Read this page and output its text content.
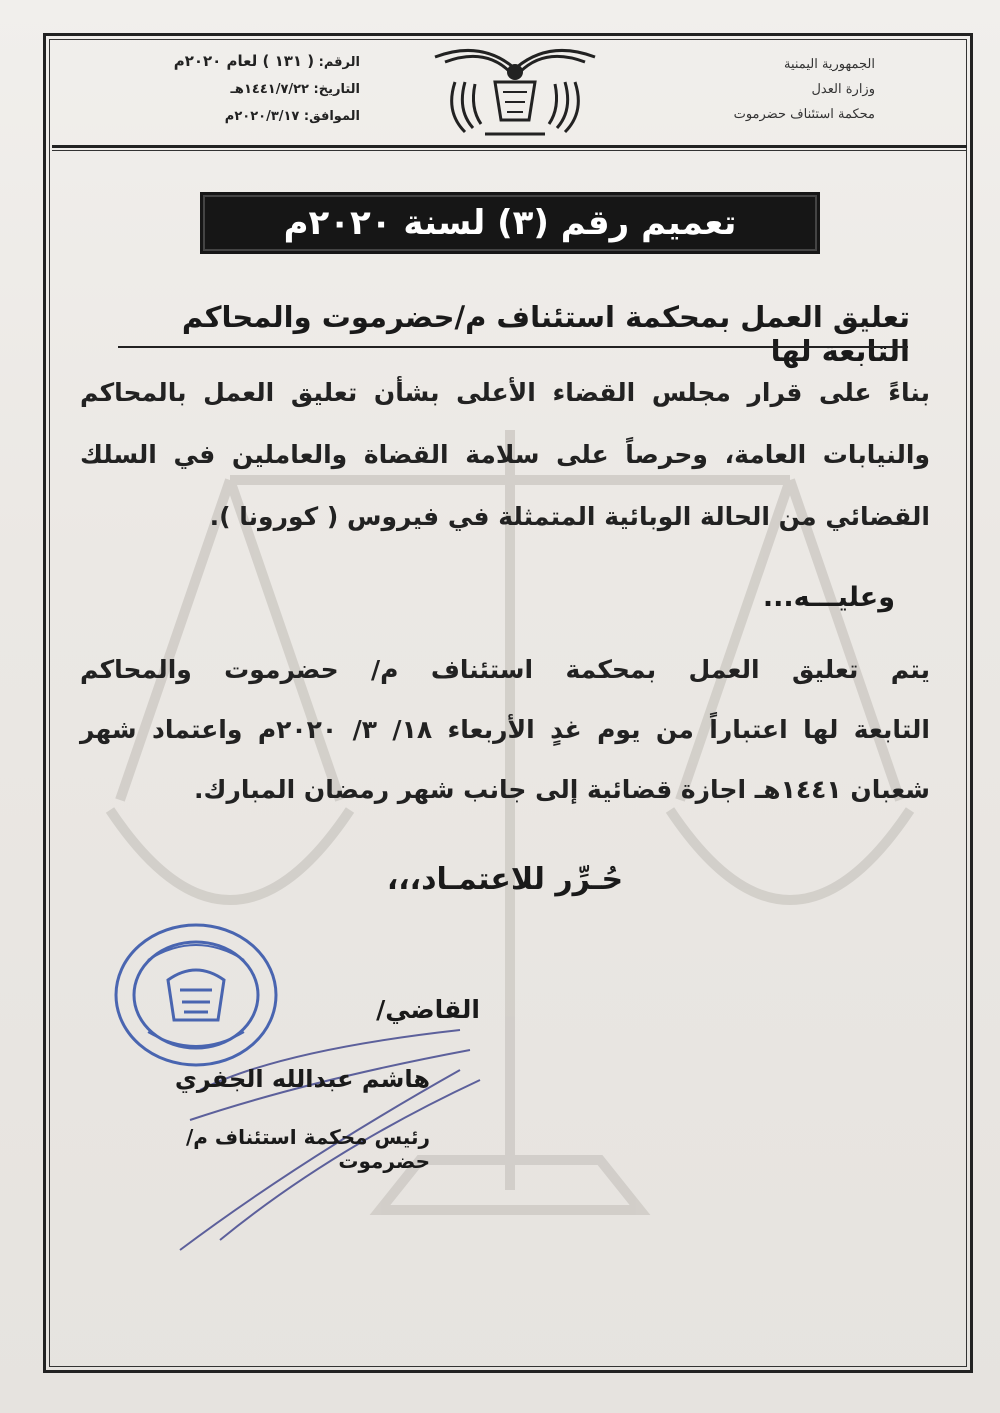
الجمهورية اليمنية
وزارة العدل
محكمة استئناف حضرموت
الرقم: ( ١٣١ ) لعام ٢٠٢٠م
التاريخ: ١٤٤١/٧/٢٢هـ
الموافق: ٢٠٢٠/٣/١٧م
تعميم رقم (٣) لسنة ٢٠٢٠م
تعليق العمل بمحكمة استئناف م/حضرموت والمحاكم التابعة لها
بناءً على قرار مجلس القضاء الأعلى بشأن تعليق العمل بالمحاكم
والنيابات العامة، وحرصاً على سلامة القضاة والعاملين في السلك
القضائي من الحالة الوبائية المتمثلة في فيروس ( كورونا ).
وعليـــه...
يتم تعليق العمل بمحكمة استئناف م/ حضرموت والمحاكم
التابعة لها اعتباراً من يوم غدٍ الأربعاء ١٨/ ٣/ ٢٠٢٠م واعتماد شهر
شعبان ١٤٤١هـ اجازة قضائية إلى جانب شهر رمضان المبارك.
حُـرِّر للاعتمـاد،،،
القاضي/
هاشم عبدالله الجفري
رئيس محكمة استئناف م/ حضرموت
